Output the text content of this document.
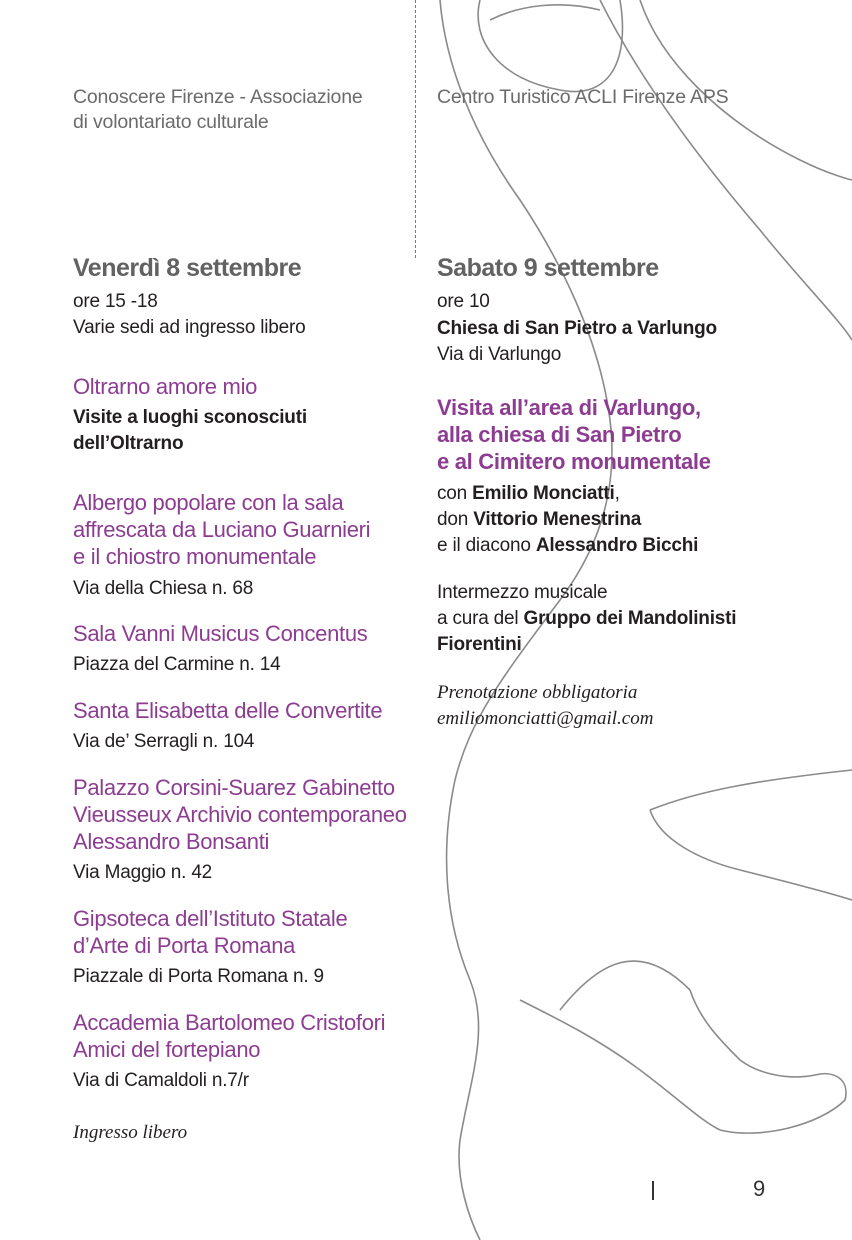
Conoscere Firenze - Associazione
di volontariato culturale
Venerdì 8 settembre
ore 15 -18
Varie sedi ad ingresso libero
Oltrarno amore mio
Visite a luoghi sconosciuti
dell’Oltrarno
Albergo popolare con la sala
affrescata da Luciano Guarnieri
e il chiostro monumentale
Via della Chiesa n. 68
Sala Vanni Musicus Concentus
Piazza del Carmine n. 14
Santa Elisabetta delle Convertite
Via de’ Serragli n. 104
Palazzo Corsini-Suarez Gabinetto
Vieusseux Archivio contemporaneo
Alessandro Bonsanti
Via Maggio n. 42
Gipsoteca dell’Istituto Statale
d’Arte di Porta Romana
Piazzale di Porta Romana n. 9
Accademia Bartolomeo Cristofori
Amici del fortepiano
Via di Camaldoli n.7/r
Ingresso libero
Centro Turistico ACLI Firenze APS
Sabato 9 settembre
ore 10
Chiesa di San Pietro a Varlungo
Via di Varlungo
Visita all’area di Varlungo,
alla chiesa di San Pietro
e al Cimitero monumentale
con Emilio Monciatti,
don Vittorio Menestrina
e il diacono Alessandro Bicchi
Intermezzo musicale
a cura del Gruppo dei Mandolinisti
Fiorentini
Prenotazione obbligatoria
emiliomonciatti@gmail.com
9
